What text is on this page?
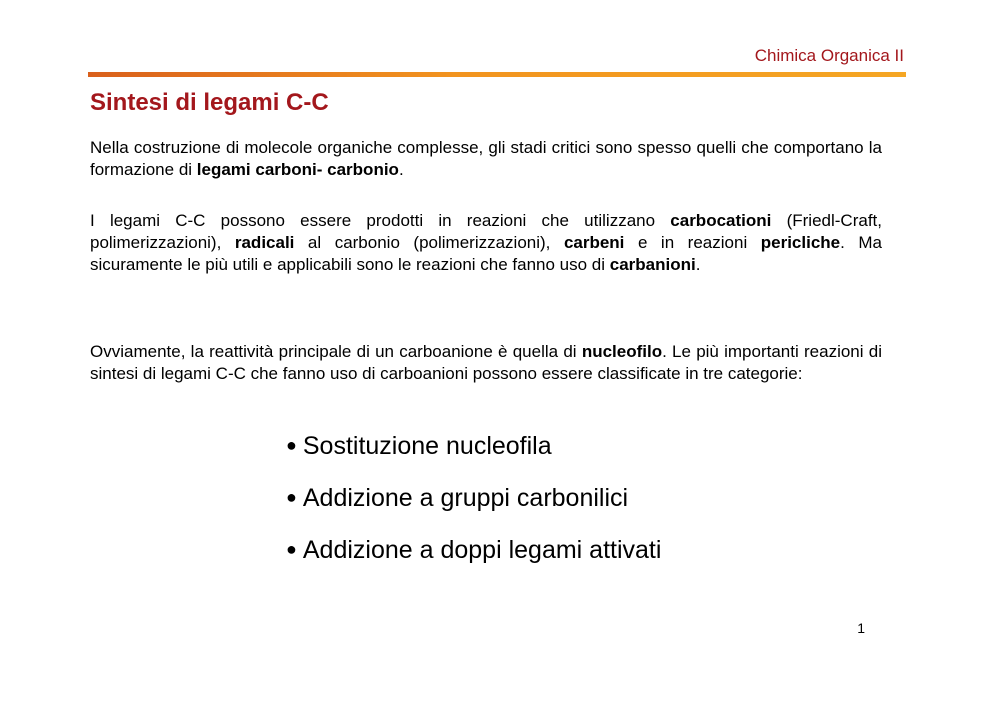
Chimica Organica II
Sintesi di legami C-C

Nella costruzione di molecole organiche complesse, gli stadi critici sono spesso quelli che comportano la formazione di legami carboni- carbonio.

I legami C-C possono essere prodotti in reazioni che utilizzano carbocationi (Friedl-Craft, polimerizzazioni), radicali al carbonio (polimerizzazioni), carbeni e in reazioni pericliche. Ma sicuramente le più utili e applicabili sono le reazioni che fanno uso di carbanioni.

Ovviamente, la reattività principale di un carboanione è quella di nucleofilo. Le più importanti reazioni di sintesi di legami C-C che fanno uso di carboanioni possono essere classificate in tre categorie:

● Sostituzione nucleofila
● Addizione a gruppi carbonilici
● Addizione a doppi legami attivati
1
